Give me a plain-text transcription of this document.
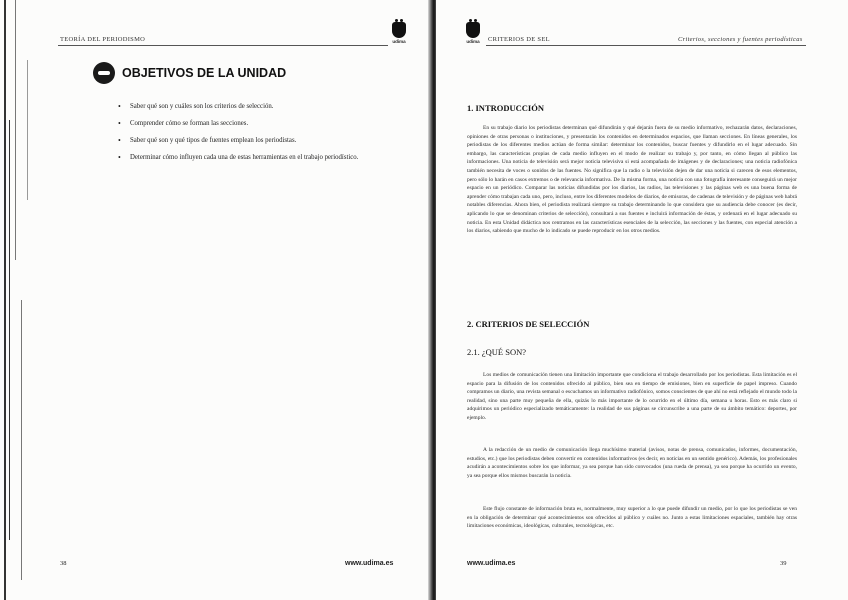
TEORÍA DEL PERIODISMO	udima
OBJETIVOS DE LA UNIDAD
• Saber qué son y cuáles son los criterios de selección.
• Comprender cómo se forman las secciones.
• Saber qué son y qué tipos de fuentes emplean los periodistas.
• Determinar cómo influyen cada una de estas herramientas en el trabajo periodístico.
38	www.udima.es
udima	CRITERIOS DE SEL	Criterios, secciones y fuentes periodísticas
1. INTRODUCCIÓN

En su trabajo diario los periodistas determinan qué difundirán y qué dejarán fuera de su medio informativo, rechazarán datos, declaraciones, opiniones de otras personas o instituciones, y presentarán los contenidos en determinados espacios, que llaman secciones. En líneas generales, los periodistas de los diferentes medios actúan de forma similar: determinar los contenidos, buscar fuentes y difundirlo en el lugar adecuado. Sin embargo, las características propias de cada medio influyen en el modo de realizar su trabajo y, por tanto, en cómo llegan al público las informaciones. Una noticia de televisión será mejor noticia televisiva si está acompañada de imágenes y de declaraciones; una noticia radiofónica también necesita de voces o sonidos de las fuentes. No significa que la radio o la televisión dejen de dar una noticia si carecen de esos elementos, pero sólo lo harán en casos extremos o de relevancia informativa. De la misma forma, una noticia con una fotografía interesante conseguirá un mejor espacio en un periódico. Comparar las noticias difundidas por los diarios, las radios, las televisiones y las páginas web es una buena forma de aprender cómo trabajan cada uno, pero, incluso, entre los diferentes modelos de diarios, de emisoras, de cadenas de televisión y de páginas web habrá notables diferencias. Ahora bien, el periodista realizará siempre su trabajo determinando lo que considera que su audiencia debe conocer (es decir, aplicando lo que se denominan criterios de selección), consultará a sus fuentes e incluirá información de éstas, y ordenará en el lugar adecuado su noticia. En esta Unidad didáctica nos centramos en las características esenciales de la selección, las secciones y las fuentes, con especial atención a los diarios, sabiendo que mucho de lo indicado se puede reproducir en los otros medios.

2. CRITERIOS DE SELECCIÓN
2.1. ¿QUÉ SON?

Los medios de comunicación tienen una limitación importante que condiciona el trabajo desarrollado por los periodistas. Esta limitación es el espacio para la difusión de los contenidos ofrecido al público, bien sea en tiempo de emisiones, bien en superficie de papel impreso. Cuando compramos un diario, una revista semanal o escuchamos un informativo radiofónico, somos conscientes de que ahí no está reflejado el mundo todo la realidad, sino una parte muy pequeña de ella, quizás lo más importante de lo ocurrido en el último día, semana u horas. Esto es más claro si adquirimos un periódico especializado temáticamente: la realidad de sus páginas se circunscribe a una parte de su ámbito temático: deportes, por ejemplo.

A la redacción de un medio de comunicación llega muchísimo material (avisos, notas de prensa, comunicados, informes, documentación, estudios, etc.) que los periodistas deben convertir en contenidos informativos (es decir, en noticias en un sentido genérico). Además, los profesionales acudirán a acontecimientos sobre los que informar, ya sea porque han sido convocados (una rueda de prensa), ya sea porque ha ocurrido un evento, ya sea porque ellos mismos buscarán la noticia.

Este flujo constante de información bruta es, normalmente, muy superior a lo que puede difundir un medio, por lo que los periodistas se ven en la obligación de determinar qué acontecimientos son ofrecidos al público y cuáles no. Junto a estas limitaciones espaciales, también hay otras limitaciones económicas, ideológicas, culturales, tecnológicas, etc.

www.udima.es	39
